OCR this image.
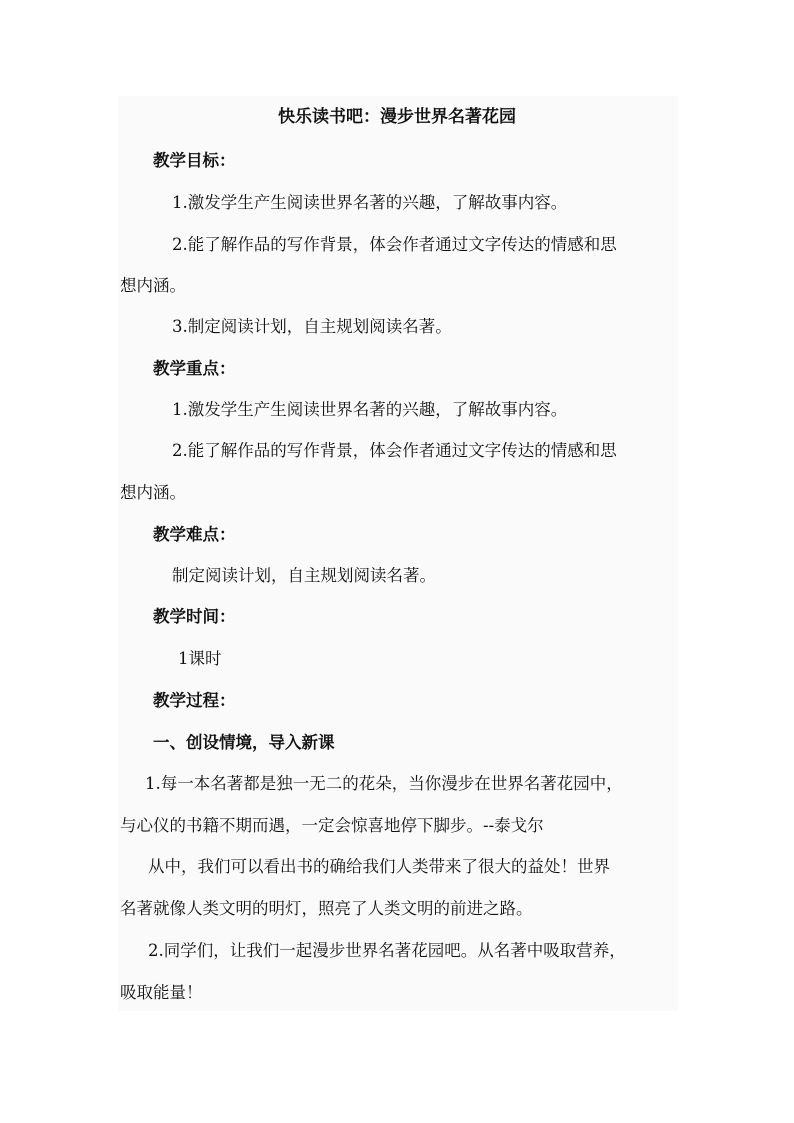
快乐读书吧：漫步世界名著花园
教学目标：
1.激发学生产生阅读世界名著的兴趣，了解故事内容。
2.能了解作品的写作背景，体会作者通过文字传达的情感和思
想内涵。
3.制定阅读计划，自主规划阅读名著。
教学重点：
1.激发学生产生阅读世界名著的兴趣，了解故事内容。
2.能了解作品的写作背景，体会作者通过文字传达的情感和思
想内涵。
教学难点：
制定阅读计划，自主规划阅读名著。
教学时间：
1课时
教学过程：
一、创设情境，导入新课
1.每一本名著都是独一无二的花朵，当你漫步在世界名著花园中，
与心仪的书籍不期而遇，一定会惊喜地停下脚步。--泰戈尔
从中，我们可以看出书的确给我们人类带来了很大的益处！世界
名著就像人类文明的明灯，照亮了人类文明的前进之路。
2.同学们，让我们一起漫步世界名著花园吧。从名著中吸取营养，
吸取能量！
